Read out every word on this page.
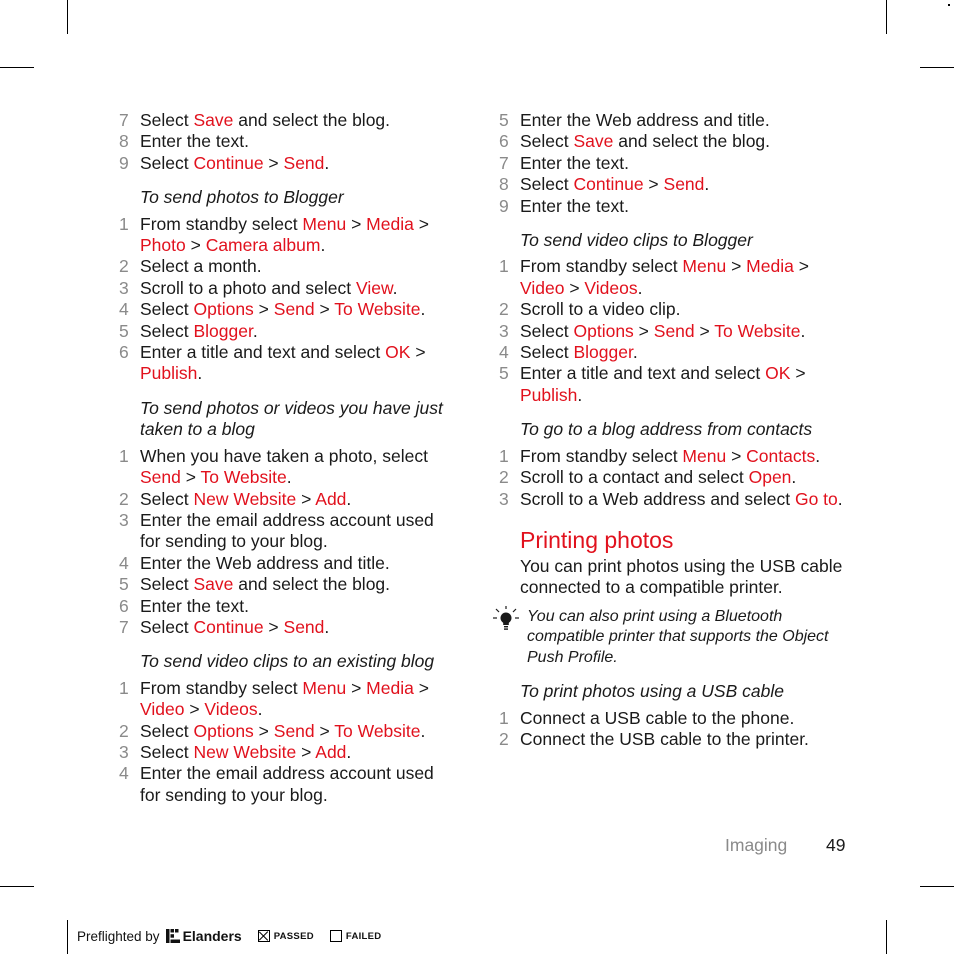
7 Select Save and select the blog.
8 Enter the text.
9 Select Continue > Send.
To send photos to Blogger
1 From standby select Menu > Media > Photo > Camera album.
2 Select a month.
3 Scroll to a photo and select View.
4 Select Options > Send > To Website.
5 Select Blogger.
6 Enter a title and text and select OK > Publish.
To send photos or videos you have just taken to a blog
1 When you have taken a photo, select Send > To Website.
2 Select New Website > Add.
3 Enter the email address account used for sending to your blog.
4 Enter the Web address and title.
5 Select Save and select the blog.
6 Enter the text.
7 Select Continue > Send.
To send video clips to an existing blog
1 From standby select Menu > Media > Video > Videos.
2 Select Options > Send > To Website.
3 Select New Website > Add.
4 Enter the email address account used for sending to your blog.
5 Enter the Web address and title.
6 Select Save and select the blog.
7 Enter the text.
8 Select Continue > Send.
9 Enter the text.
To send video clips to Blogger
1 From standby select Menu > Media > Video > Videos.
2 Scroll to a video clip.
3 Select Options > Send > To Website.
4 Select Blogger.
5 Enter a title and text and select OK > Publish.
To go to a blog address from contacts
1 From standby select Menu > Contacts.
2 Scroll to a contact and select Open.
3 Scroll to a Web address and select Go to.
Printing photos
You can print photos using the USB cable connected to a compatible printer.
You can also print using a Bluetooth compatible printer that supports the Object Push Profile.
To print photos using a USB cable
1 Connect a USB cable to the phone.
2 Connect the USB cable to the printer.
Imaging 49
Preflighted by Elanders	PASSED	FAILED
